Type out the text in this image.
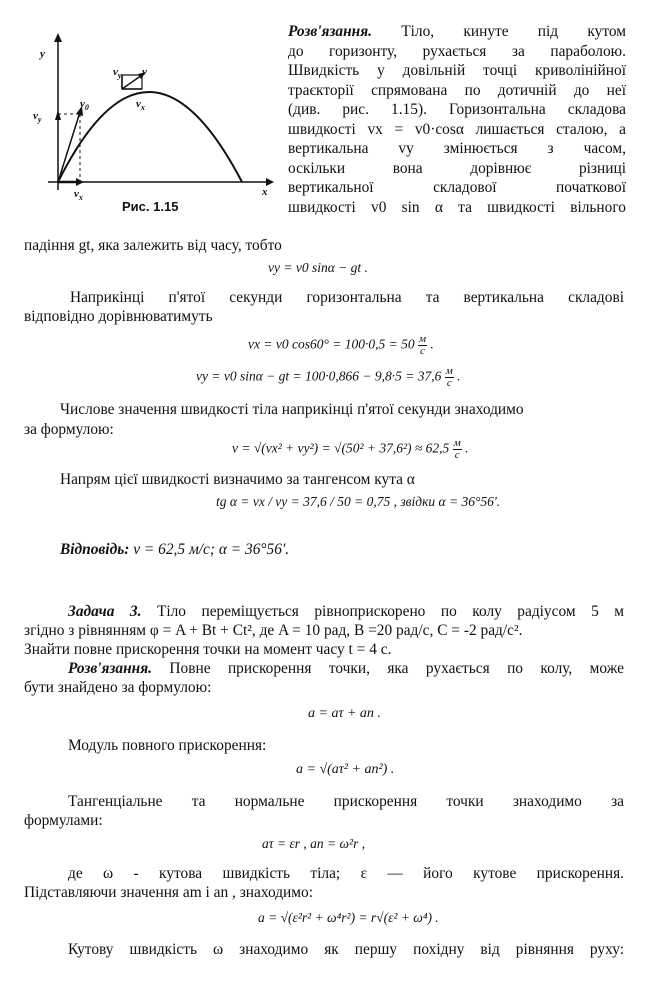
y
x
$v_y$ v
$v_0$	$v_x$
$v_y$
$v_x$
Рис. 1.15
Розв'язання. Тіло, кинуте під кутом
до горизонту, рухається за параболою.
Швидкість у довільній точці криволінійної
траєкторії спрямована по дотичній до неї
(див. рис. 1.15). Горизонтальна складова
швидкості vx = v0·cosα лишається сталою, а
вертикальна vy змінюється з часом,
оскільки вона дорівнює різниці
вертикальної складової початкової
швидкості v0 sin α та швидкості вільного
падіння gt, яка залежить від часу, тобто
vy = v0 sinα − gt .
Наприкінці п'ятої секунди горизонтальна та вертикальна складові
відповідно дорівнюватимуть
vx = v0 $\cos 60^\circ = 100\cdot 0,5 = 50 \frac{м}{с}$ .
vy = v0 sinα − gt = $100\cdot 0,866 - 9,8\cdot 5 = 37,6 \frac{м}{с}$ .
Числове значення швидкості тіла наприкінці п'ятої секунди знаходимо
за формулою:
$v = √(vx^2 + vy^2) = √(50^2 + 37,6^2) \approx 62,5 \frac{м}{с}$ .
Напрям цієї швидкості визначимо за тангенсом кута α
tg α = vx / vy = 37,6 / 50 = 0,75 , звідки α = 36°56'.
Відповідь: v = 62,5 м/с; α = 36°56'.
Задача 3. Тіло переміщується рівноприскорено по колу радіусом 5 м
згідно з рівнянням φ = A + Bt + Ct², де A = 10 рад, B =20 рад/с, C = -2 рад/с².
Знайти повне прискорення точки на момент часу t = 4 с.
Розв'язання. Повне прискорення точки, яка рухається по колу, може
бути знайдено за формулою:
a = aτ + an .
Модуль повного прискорення:
a = √(aτ² + an²) .
Тангенціальне та нормальне прискорення точки знаходимо за
формулами:
aτ = εr , an = ω²r ,
де ω - кутова швидкість тіла; ε — його кутове прискорення.
Підставляючи значення am і an , знаходимо:
a = √(ε²r² + ω⁴r²) = r√(ε² + ω⁴) .
Кутову швидкість ω знаходимо як першу похідну від рівняння руху:
